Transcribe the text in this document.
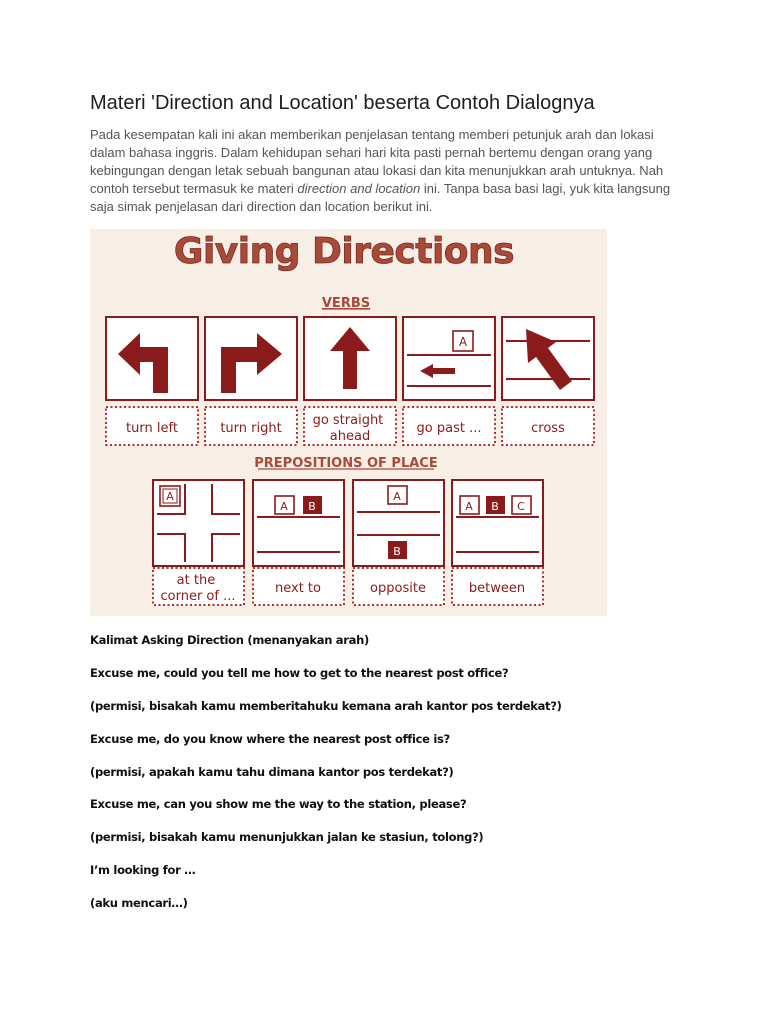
Materi 'Direction and Location' beserta Contoh Dialognya

Pada kesempatan kali ini akan memberikan penjelasan tentang memberi petunjuk arah dan lokasi dalam bahasa inggris. Dalam kehidupan sehari hari kita pasti pernah bertemu dengan orang yang kebingungan dengan letak sebuah bangunan atau lokasi dan kita menunjukkan arah untuknya. Nah contoh tersebut termasuk ke materi direction and location ini. Tanpa basa basi lagi, yuk kita langsung saja simak penjelasan dari direction dan location berikut ini.

Giving Directions
VERBS
A
turn left	turn right
go straight ahead
go past ...	cross
PREPOSITIONS OF PLACE
A
A B
A
B
A B C
at the corner of ...
next to	opposite	between
Kalimat Asking Direction (menanyakan arah)
Excuse me, could you tell me how to get to the nearest post office?
(permisi, bisakah kamu memberitahuku kemana arah kantor pos terdekat?)
Excuse me, do you know where the nearest post office is?
(permisi, apakah kamu tahu dimana kantor pos terdekat?)
Excuse me, can you show me the way to the station, please?
(permisi, bisakah kamu menunjukkan jalan ke stasiun, tolong?)
I’m looking for …
(aku mencari…)
